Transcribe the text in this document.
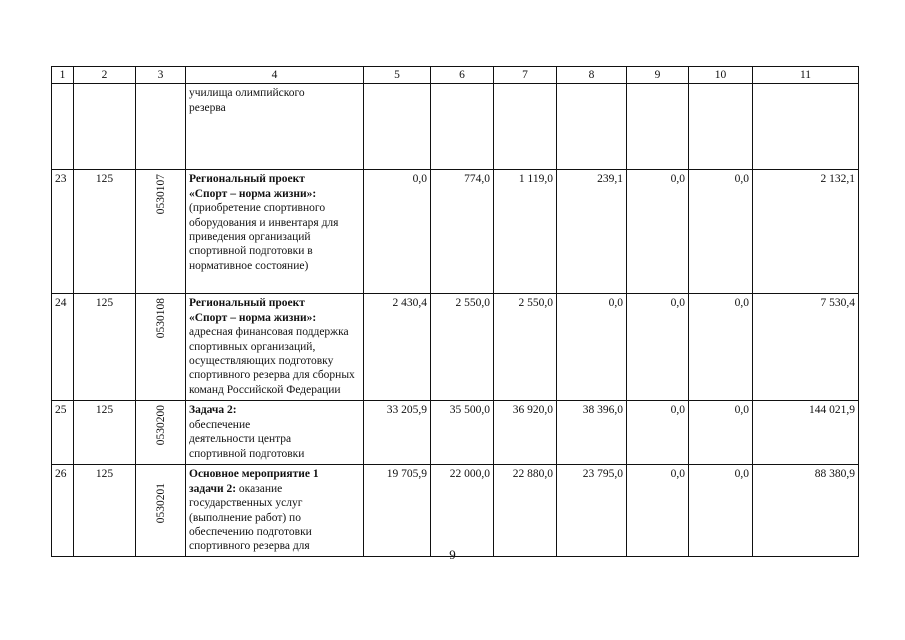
1	2	3	4	5	6	7	8	9	10	11
			училища олимпийского
резерва							
23	125	0530107	Региональный проект
«Спорт – норма жизни»:
(приобретение спортивного оборудования и инвентаря для приведения организаций спортивной подготовки в нормативное состояние)	0,0	774,0	1 119,0	239,1	0,0	0,0	2 132,1
24	125	0530108	Региональный проект
«Спорт – норма жизни»:
адресная финансовая поддержка спортивных организаций, осуществляющих подготовку спортивного резерва для сборных команд Российской Федерации	2 430,4	2 550,0	2 550,0	0,0	0,0	0,0	7 530,4
25	125	0530200	Задача 2:
обеспечение
деятельности центра
спортивной подготовки	33 205,9	35 500,0	36 920,0	38 396,0	0,0	0,0	144 021,9
26	125	0530201	Основное мероприятие 1
задачи 2: оказание государственных услуг (выполнение работ) по обеспечению подготовки спортивного резерва для	19 705,9	22 000,0	22 880,0	23 795,0	0,0	0,0	88 380,9
9
